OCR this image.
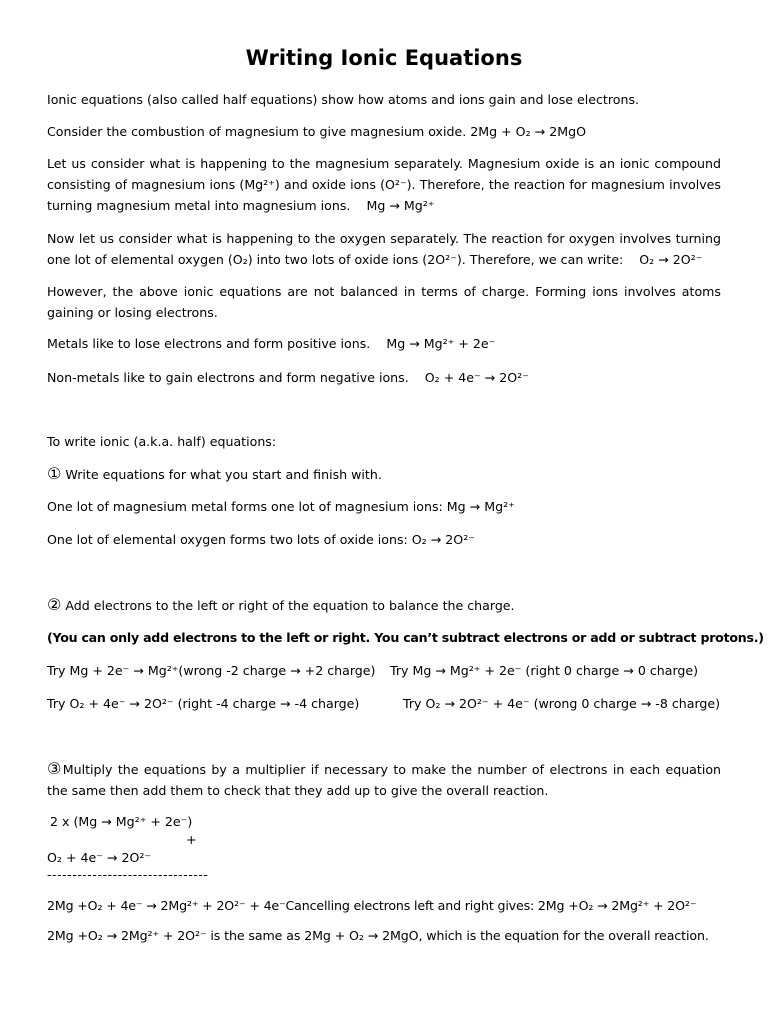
Writing Ionic Equations
Ionic equations (also called half equations) show how atoms and ions gain and lose electrons.
Consider the combustion of magnesium to give magnesium oxide. 2Mg + O₂ → 2MgO
Let us consider what is happening to the magnesium separately. Magnesium oxide is an ionic compound consisting of magnesium ions (Mg²⁺) and oxide ions (O²⁻). Therefore, the reaction for magnesium involves turning magnesium metal into magnesium ions. Mg → Mg²⁺
Now let us consider what is happening to the oxygen separately. The reaction for oxygen involves turning one lot of elemental oxygen (O₂) into two lots of oxide ions (2O²⁻). Therefore, we can write: O₂ → 2O²⁻
However, the above ionic equations are not balanced in terms of charge. Forming ions involves atoms gaining or losing electrons.
Metals like to lose electrons and form positive ions. Mg → Mg²⁺ + 2e⁻
Non-metals like to gain electrons and form negative ions. O₂ + 4e⁻ → 2O²⁻
To write ionic (a.k.a. half) equations:
① Write equations for what you start and finish with.
One lot of magnesium metal forms one lot of magnesium ions: Mg → Mg²⁺
One lot of elemental oxygen forms two lots of oxide ions: O₂ → 2O²⁻
② Add electrons to the left or right of the equation to balance the charge.
(You can only add electrons to the left or right. You can’t subtract electrons or add or subtract protons.)
Try Mg + 2e⁻ → Mg²⁺(wrong -2 charge → +2 charge) Try Mg → Mg²⁺ + 2e⁻ (right 0 charge → 0 charge)
Try O₂ + 4e⁻ → 2O²⁻ (right -4 charge → -4 charge)	Try O₂ → 2O²⁻ + 4e⁻ (wrong 0 charge → -8 charge)
③Multiply the equations by a multiplier if necessary to make the number of electrons in each equation the same then add them to check that they add up to give the overall reaction.
2 x (Mg → Mg²⁺ + 2e⁻)
+
O₂ + 4e⁻ → 2O²⁻
--------------------------------
2Mg +O₂ + 4e⁻ → 2Mg²⁺ + 2O²⁻ + 4e⁻Cancelling electrons left and right gives: 2Mg +O₂ → 2Mg²⁺ + 2O²⁻
2Mg +O₂ → 2Mg²⁺ + 2O²⁻ is the same as 2Mg + O₂ → 2MgO, which is the equation for the overall reaction.
